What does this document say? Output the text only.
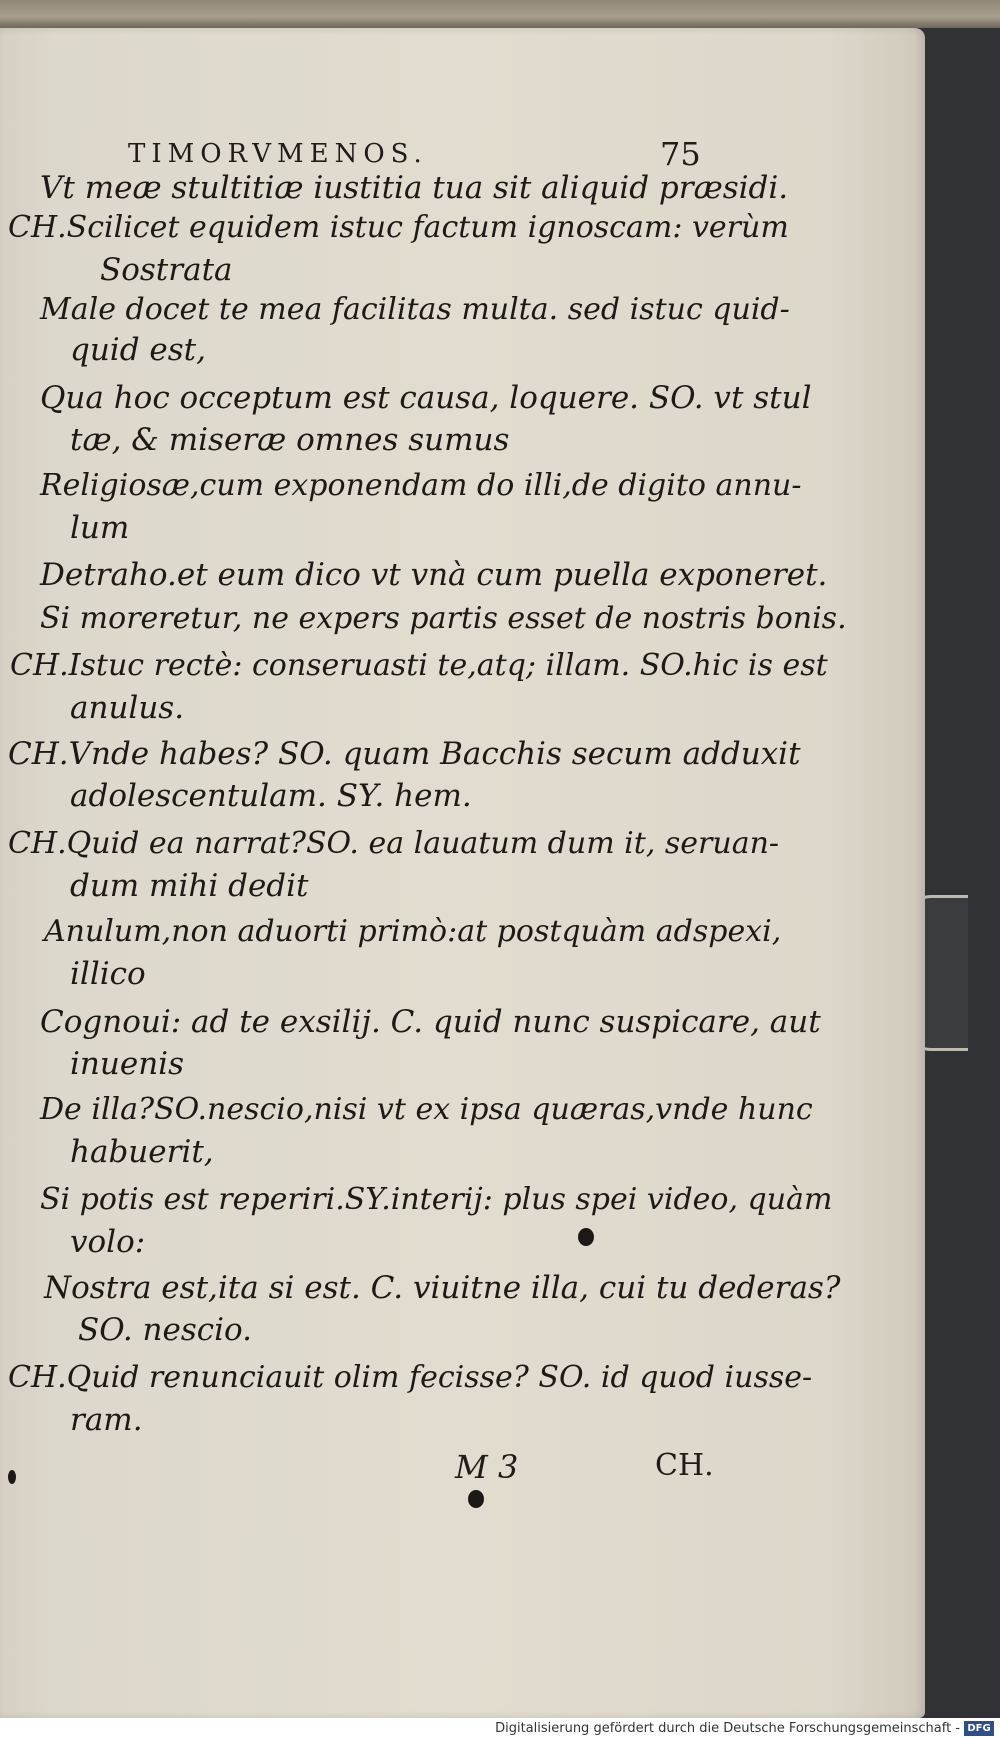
TIMORVMENOS.	75
Vt meæ stultitiæ iustitia tua sit aliquid præsidi.
CH.Scilicet equidem istuc factum ignoscam: verùm
Sostrata
Male docet te mea facilitas multa. sed istuc quid-
quid est,
Qua hoc occeptum est causa, loquere. SO. vt stul
tæ, & miseræ omnes sumus
Religiosæ,cum exponendam do illi,de digito annu-
lum
Detraho.et eum dico vt vnà cum puella exponeret.
Si moreretur, ne expers partis esset de nostris bonis.
CH.Istuc rectè: conseruasti te,atq; illam. SO.hic is est
anulus.
CH.Vnde habes? SO. quam Bacchis secum adduxit
adolescentulam. SY. hem.
CH.Quid ea narrat?SO. ea lauatum dum it, seruan-
dum mihi dedit
Anulum,non aduorti primò:at postquàm adspexi,
illico
Cognoui: ad te exsilij. C. quid nunc suspicare, aut
inuenis
De illa?SO.nescio,nisi vt ex ipsa quæras,vnde hunc
habuerit,
Si potis est reperiri.SY.interij: plus spei video, quàm
volo:
Nostra est,ita si est. C. viuitne illa, cui tu dederas?
SO. nescio.
CH.Quid renunciauit olim fecisse? SO. id quod iusse-
ram.
M 3	CH.
Digitalisierung gefördert durch die Deutsche Forschungsgemeinschaft - DFG
